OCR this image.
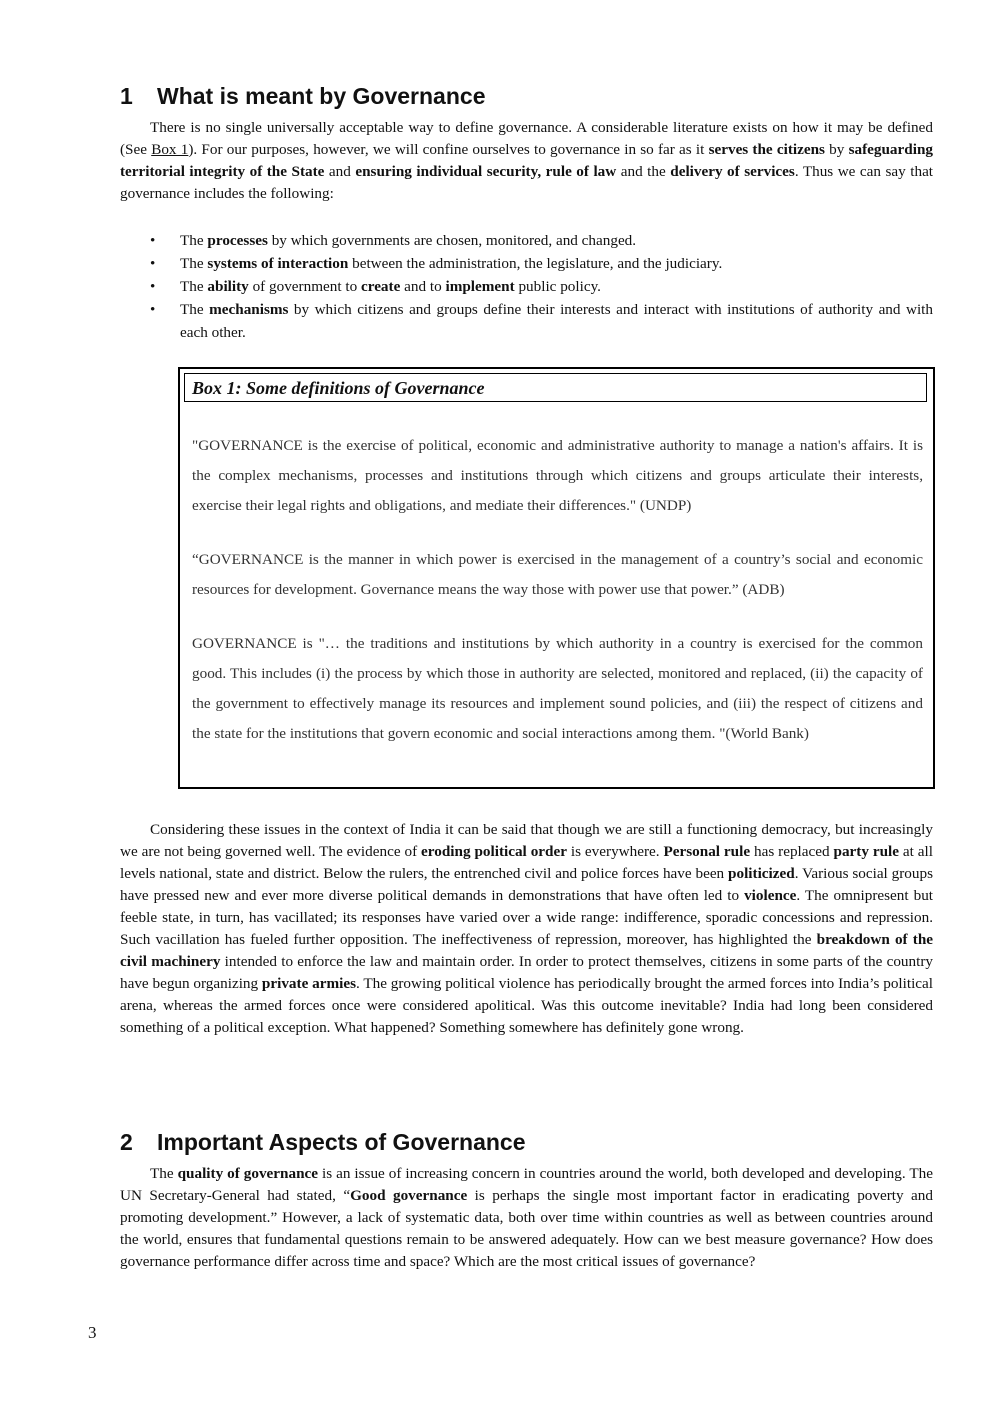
1 What is meant by Governance

There is no single universally acceptable way to define governance. A considerable literature exists on how it may be defined (See Box 1). For our purposes, however, we will confine ourselves to governance in so far as it serves the citizens by safeguarding territorial integrity of the State and ensuring individual security, rule of law and the delivery of services. Thus we can say that governance includes the following:

• The processes by which governments are chosen, monitored, and changed.
• The systems of interaction between the administration, the legislature, and the judiciary.
• The ability of government to create and to implement public policy.
• The mechanisms by which citizens and groups define their interests and interact with institutions of authority and with each other.
Box 1: Some definitions of Governance

"GOVERNANCE is the exercise of political, economic and administrative authority to manage a nation's affairs. It is the complex mechanisms, processes and institutions through which citizens and groups articulate their interests, exercise their legal rights and obligations, and mediate their differences." (UNDP)

“GOVERNANCE is the manner in which power is exercised in the management of a country’s social and economic resources for development. Governance means the way those with power use that power.” (ADB)

GOVERNANCE is "… the traditions and institutions by which authority in a country is exercised for the common good. This includes (i) the process by which those in authority are selected, monitored and replaced, (ii) the capacity of the government to effectively manage its resources and implement sound policies, and (iii) the respect of citizens and the state for the institutions that govern economic and social interactions among them. "(World Bank)

Considering these issues in the context of India it can be said that though we are still a functioning democracy, but increasingly we are not being governed well. The evidence of eroding political order is everywhere. Personal rule has replaced party rule at all levels national, state and district. Below the rulers, the entrenched civil and police forces have been politicized. Various social groups have pressed new and ever more diverse political demands in demonstrations that have often led to violence. The omnipresent but feeble state, in turn, has vacillated; its responses have varied over a wide range: indifference, sporadic concessions and repression. Such vacillation has fueled further opposition. The ineffectiveness of repression, moreover, has highlighted the breakdown of the civil machinery intended to enforce the law and maintain order. In order to protect themselves, citizens in some parts of the country have begun organizing private armies. The growing political violence has periodically brought the armed forces into India’s political arena, whereas the armed forces once were considered apolitical. Was this outcome inevitable? India had long been considered something of a political exception. What happened? Something somewhere has definitely gone wrong.

2 Important Aspects of Governance

The quality of governance is an issue of increasing concern in countries around the world, both developed and developing. The UN Secretary-General had stated, “Good governance is perhaps the single most important factor in eradicating poverty and promoting development.” However, a lack of systematic data, both over time within countries as well as between countries around the world, ensures that fundamental questions remain to be answered adequately. How can we best measure governance? How does governance performance differ across time and space? Which are the most critical issues of governance?

3
